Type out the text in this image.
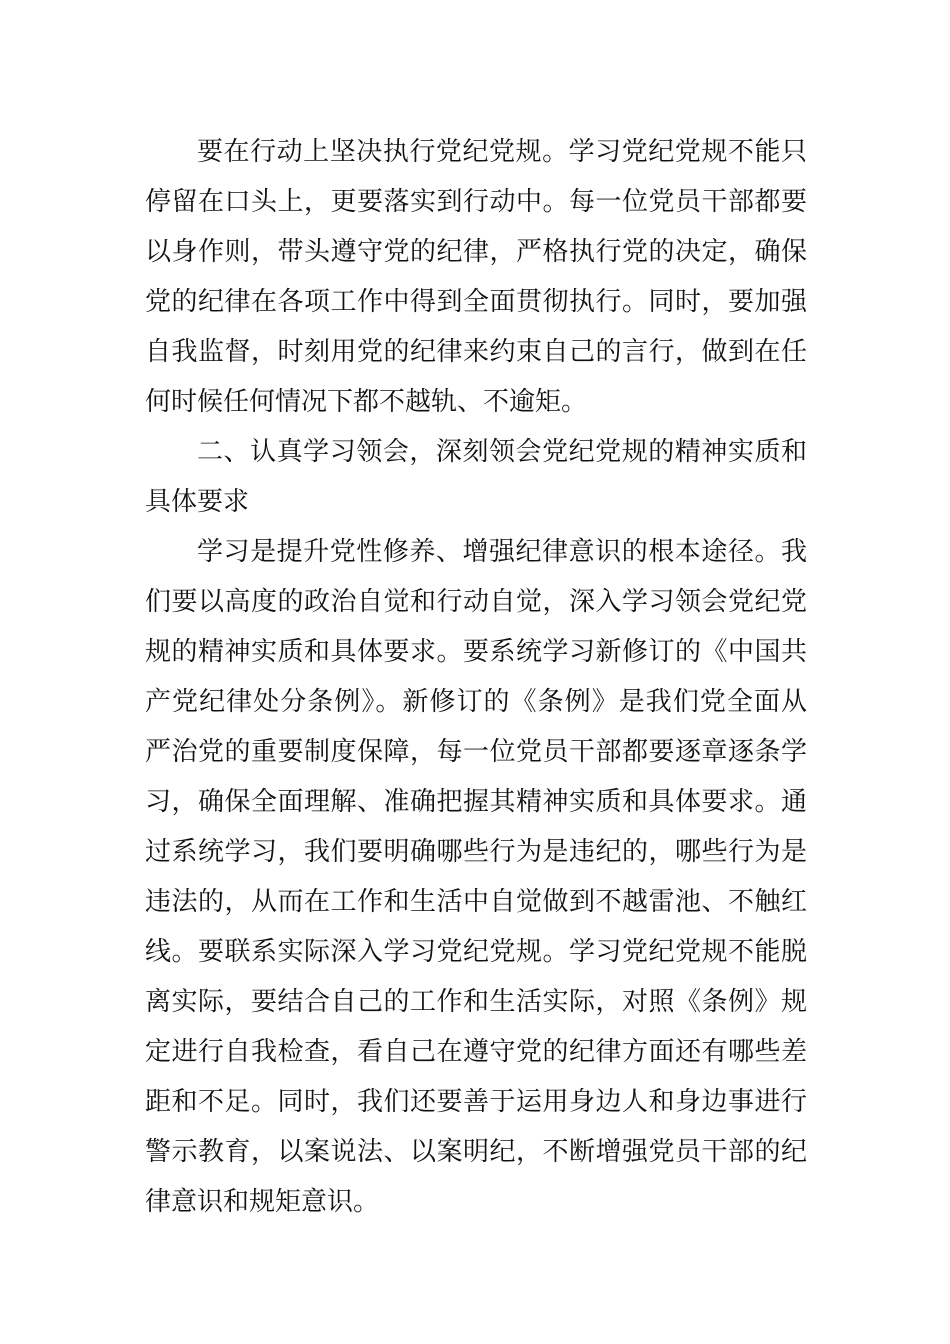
要在行动上坚决执行党纪党规。学习党纪党规不能只停留在口头上，更要落实到行动中。每一位党员干部都要以身作则，带头遵守党的纪律，严格执行党的决定，确保党的纪律在各项工作中得到全面贯彻执行。同时，要加强自我监督，时刻用党的纪律来约束自己的言行，做到在任何时候任何情况下都不越轨、不逾矩。

二、认真学习领会，深刻领会党纪党规的精神实质和具体要求

学习是提升党性修养、增强纪律意识的根本途径。我们要以高度的政治自觉和行动自觉，深入学习领会党纪党规的精神实质和具体要求。要系统学习新修订的《中国共产党纪律处分条例》。新修订的《条例》是我们党全面从严治党的重要制度保障，每一位党员干部都要逐章逐条学习，确保全面理解、准确把握其精神实质和具体要求。通过系统学习，我们要明确哪些行为是违纪的，哪些行为是违法的，从而在工作和生活中自觉做到不越雷池、不触红线。要联系实际深入学习党纪党规。学习党纪党规不能脱离实际，要结合自己的工作和生活实际，对照《条例》规定进行自我检查，看自己在遵守党的纪律方面还有哪些差距和不足。同时，我们还要善于运用身边人和身边事进行警示教育，以案说法、以案明纪，不断增强党员干部的纪律意识和规矩意识。
